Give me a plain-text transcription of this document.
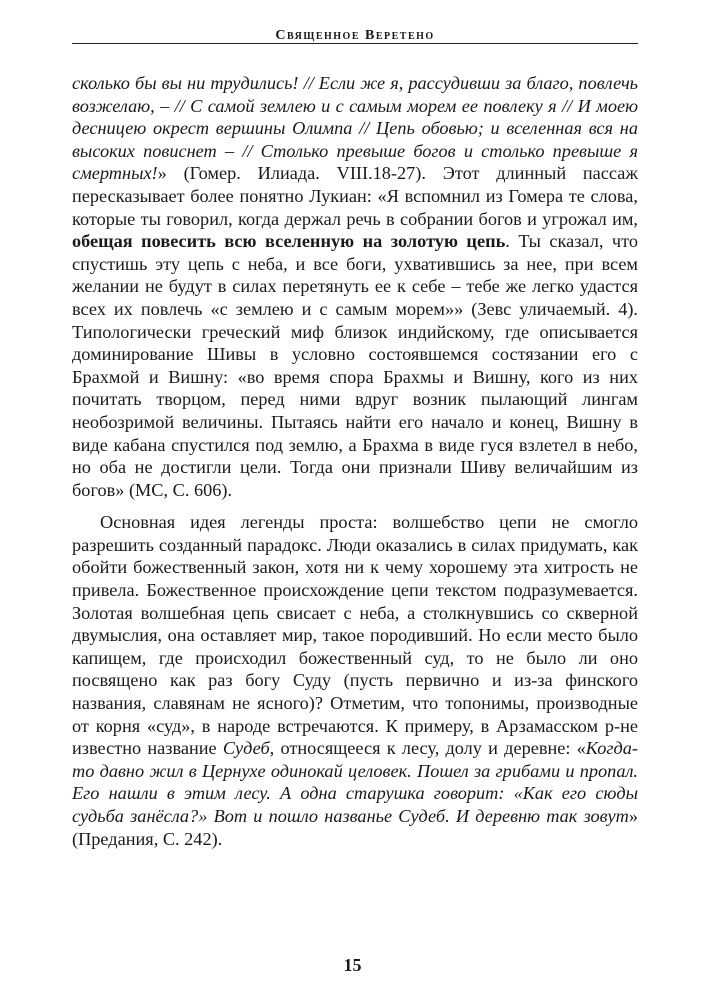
Священное Веретено

сколько бы вы ни трудились! // Если же я, рассудивши за благо, повлечь возжелаю, – // С самой землею и с самым морем ее повлеку я // И моею десницею окрест вершины Олимпа // Цепь обовью; и вселенная вся на высоких повиснет – // Столько превыше богов и столько превыше я смертных!» (Гомер. Илиада. VIII.18-27). Этот длинный пассаж пересказывает более понятно Лукиан: «Я вспомнил из Гомера те слова, которые ты говорил, когда держал речь в собрании богов и угрожал им, обещая повесить всю вселенную на золотую цепь. Ты сказал, что спустишь эту цепь с неба, и все боги, ухватившись за нее, при всем желании не будут в силах перетянуть ее к себе – тебе же легко удастся всех их повлечь «с землею и с самым морем»» (Зевс уличаемый. 4). Типологически греческий миф близок индийскому, где описывается доминирование Шивы в условно состоявшемся состязании его с Брахмой и Вишну: «во время спора Брахмы и Вишну, кого из них почитать творцом, перед ними вдруг возник пылающий лингам необозримой величины. Пытаясь найти его начало и конец, Вишну в виде кабана спустился под землю, а Брахма в виде гуся взлетел в небо, но оба не достигли цели. Тогда они признали Шиву величайшим из богов» (МС, С. 606).

Основная идея легенды проста: волшебство цепи не смогло разрешить созданный парадокс. Люди оказались в силах придумать, как обойти божественный закон, хотя ни к чему хорошему эта хитрость не привела. Божественное происхождение цепи текстом подразумевается. Золотая волшебная цепь свисает с неба, а столкнувшись со скверной двумыслия, она оставляет мир, такое породивший. Но если место было капищем, где происходил божественный суд, то не было ли оно посвящено как раз богу Суду (пусть первично и из-за финского названия, славянам не ясного)? Отметим, что топонимы, производные от корня «суд», в народе встречаются. К примеру, в Арзамасском р-не известно название Судеб, относящееся к лесу, долу и деревне: «Когда-то давно жил в Цернухе одинокай целовек. Пошел за грибами и пропал. Его нашли в этим лесу. А одна старушка говорит: «Как его сюды судьба занёсла?» Вот и пошло названье Судеб. И деревню так зовут» (Предания, С. 242).

15
